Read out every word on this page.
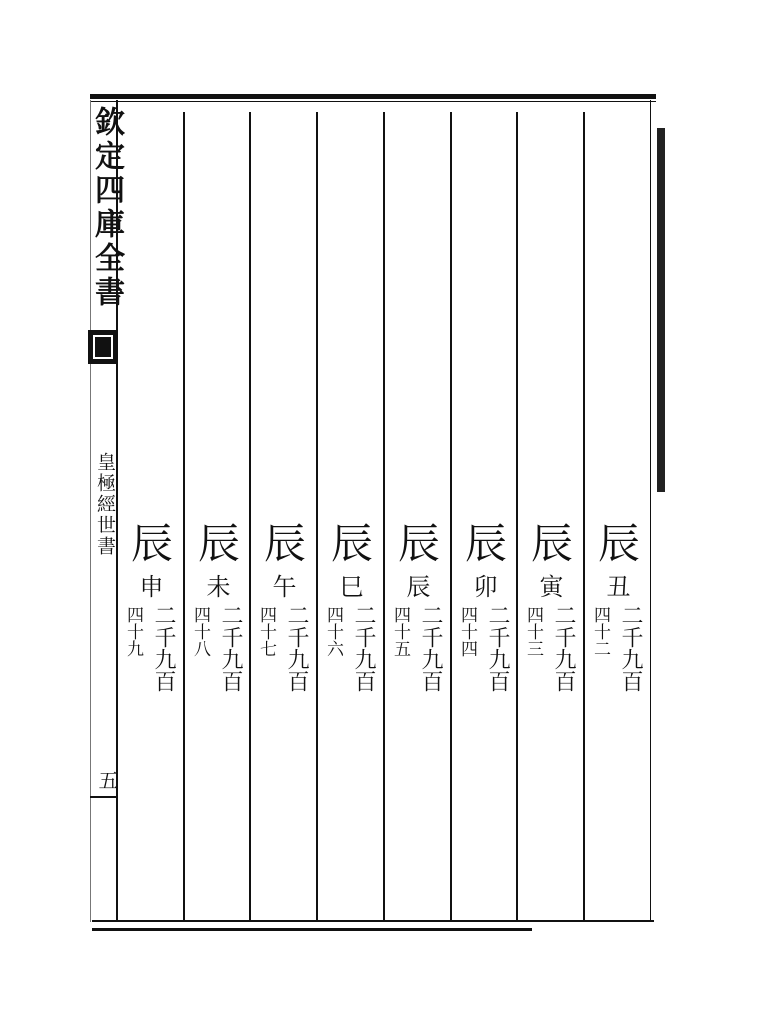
欽定四庫全書
皇極經世書
五
辰
丑
二千九百
四十二
辰
寅
二千九百
四十三
辰
卯
二千九百
四十四
辰
辰
二千九百
四十五
辰
巳
二千九百
四十六
辰
午
二千九百
四十七
辰
未
二千九百
四十八
辰
申
二千九百
四十九
